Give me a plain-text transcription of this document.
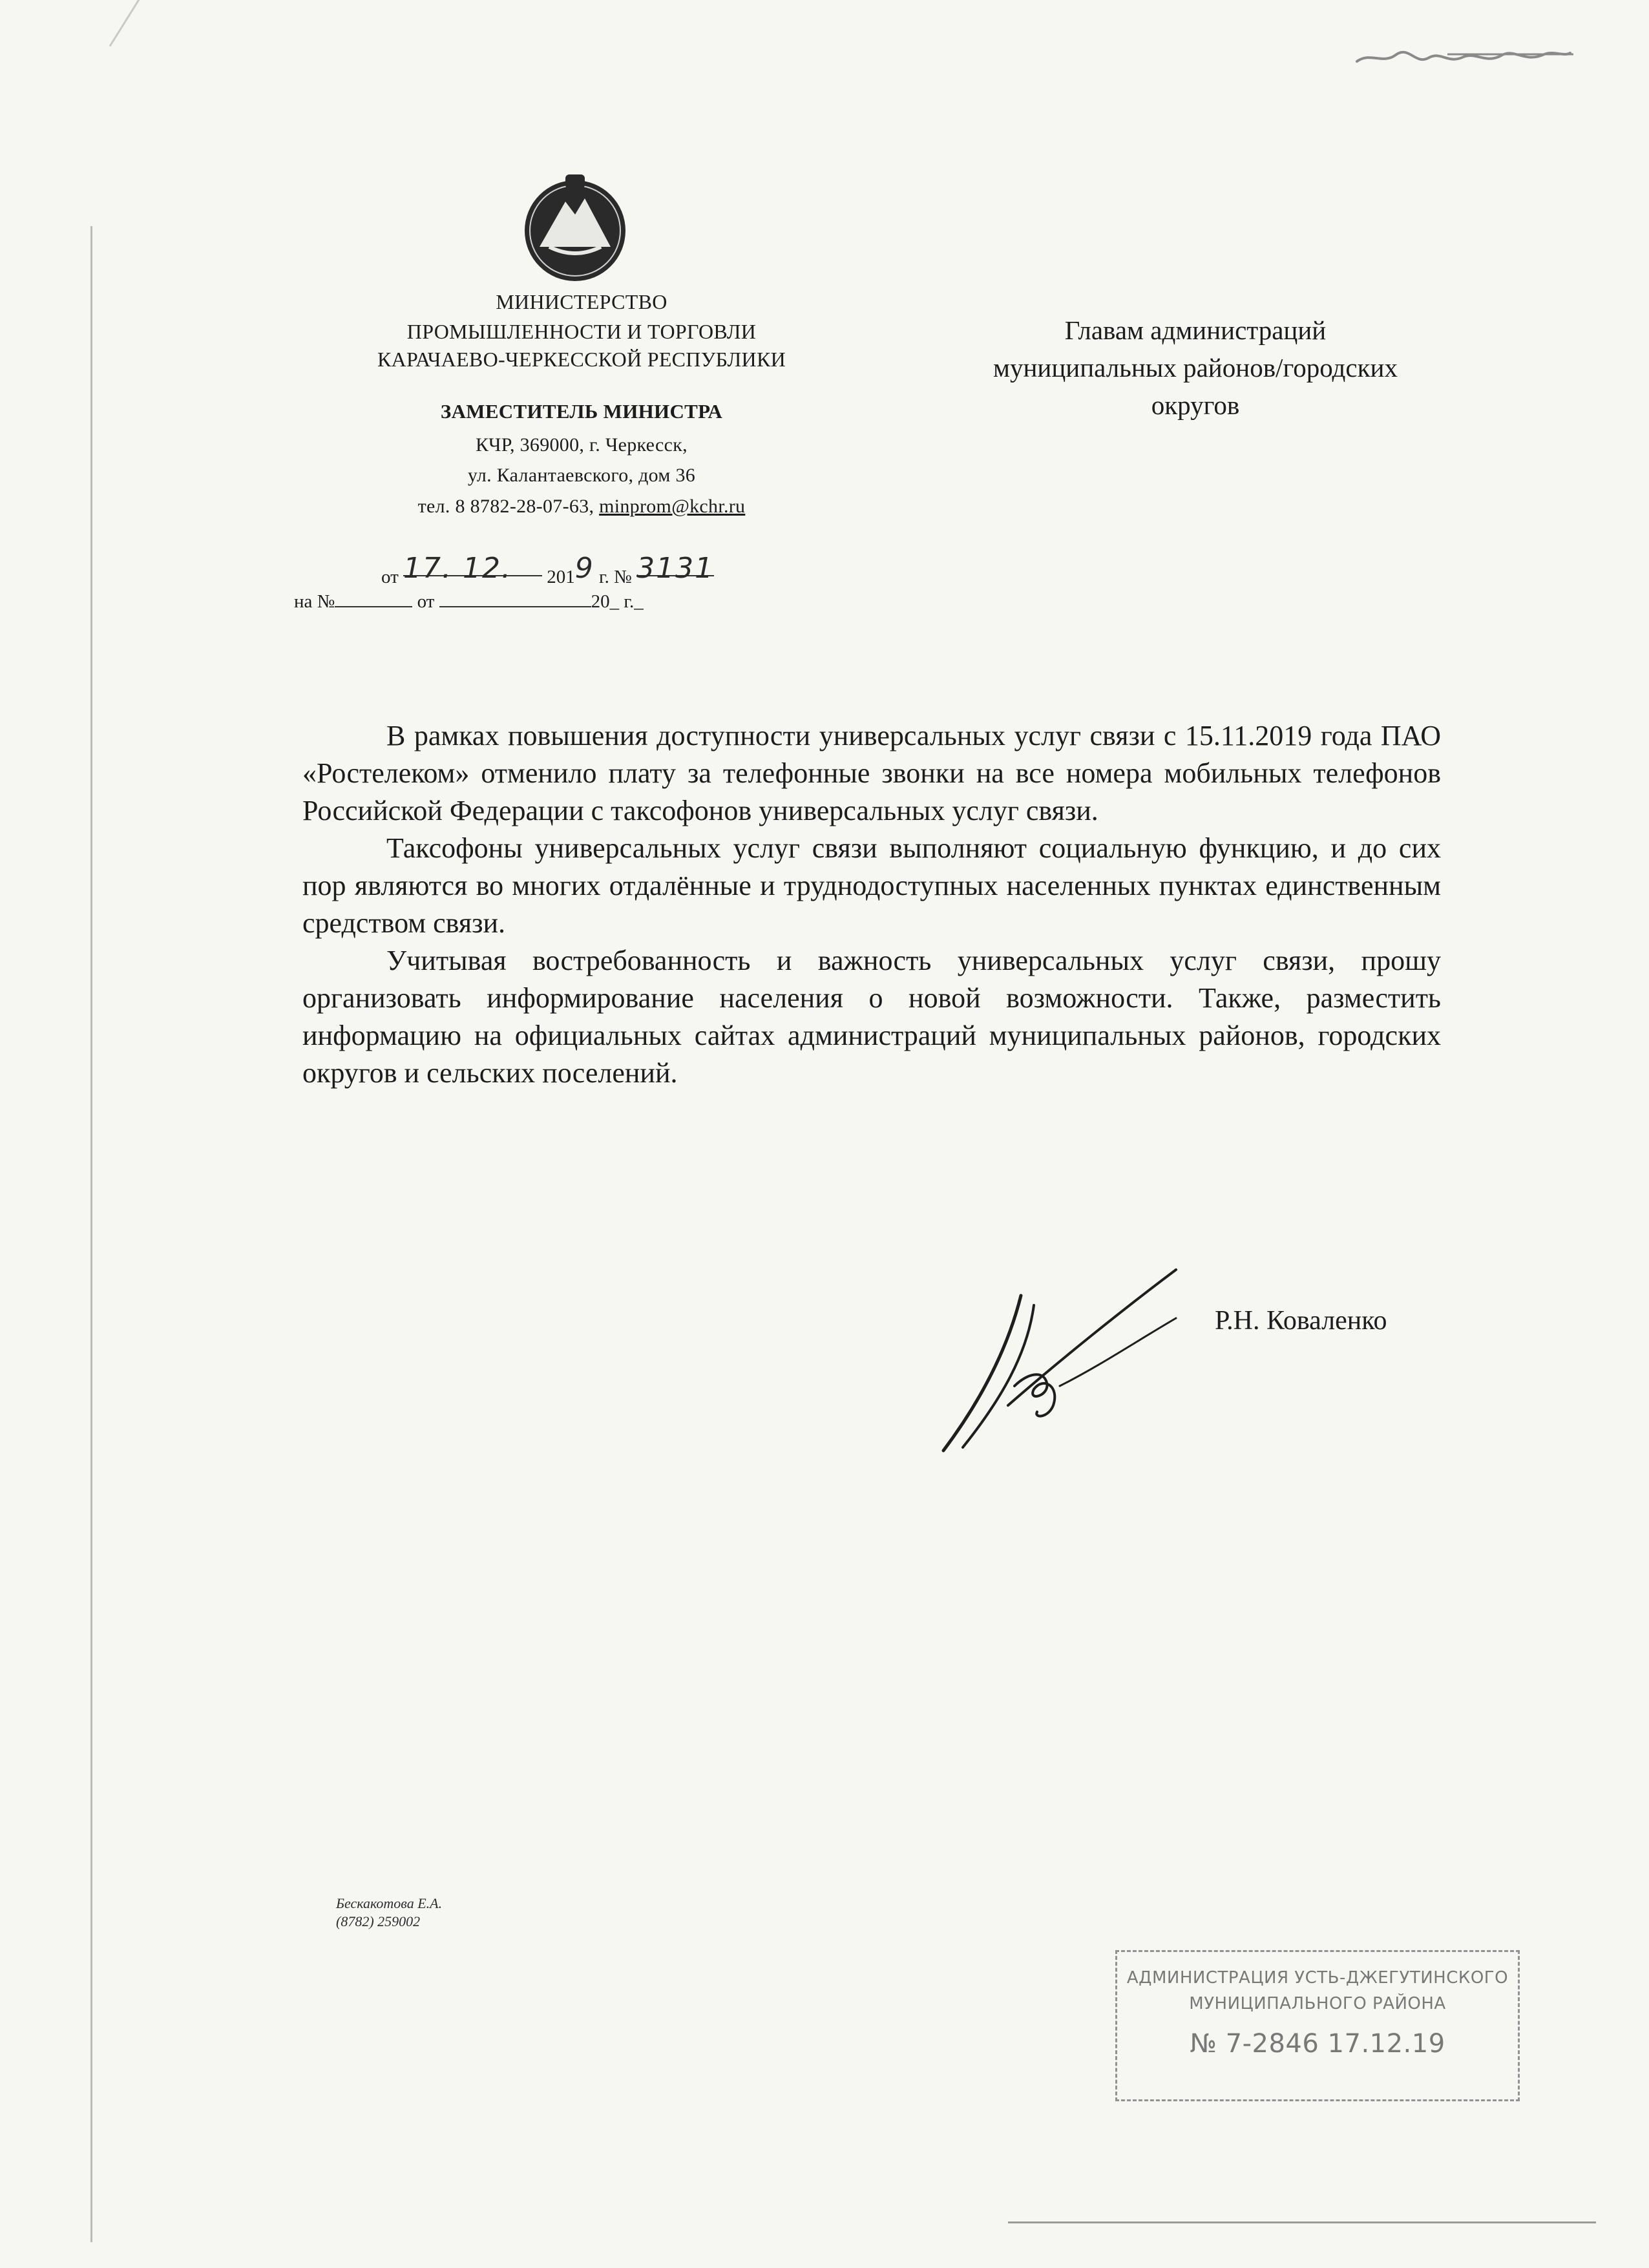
МИНИСТЕРСТВО
ПРОМЫШЛЕННОСТИ И ТОРГОВЛИ
КАРАЧАЕВО-ЧЕРКЕССКОЙ РЕСПУБЛИКИ
ЗАМЕСТИТЕЛЬ МИНИСТРА
КЧР, 369000, г. Черкесск,
ул. Калантаевского, дом 36
тел. 8 8782-28-07-63, minprom@kchr.ru
от 17. 12. 2019 г. № 3131
на №	от	20_ г._
Главам администраций
муниципальных районов/городских
округов

В рамках повышения доступности универсальных услуг связи с 15.11.2019 года ПАО «Ростелеком» отменило плату за телефонные звонки на все номера мобильных телефонов Российской Федерации с таксофонов универсальных услуг связи.

Таксофоны универсальных услуг связи выполняют социальную функцию, и до сих пор являются во многих отдалённые и труднодоступных населенных пунктах единственным средством связи.

Учитывая востребованность и важность универсальных услуг связи, прошу организовать информирование населения о новой возможности. Также, разместить информацию на официальных сайтах администраций муниципальных районов, городских округов и сельских поселений.

Р.Н. Коваленко
Бескакотова Е.А.
(8782) 259002
АДМИНИСТРАЦИЯ УСТЬ-ДЖЕГУТИНСКОГО
МУНИЦИПАЛЬНОГО РАЙОНА
№ 7-2846 17.12.19
